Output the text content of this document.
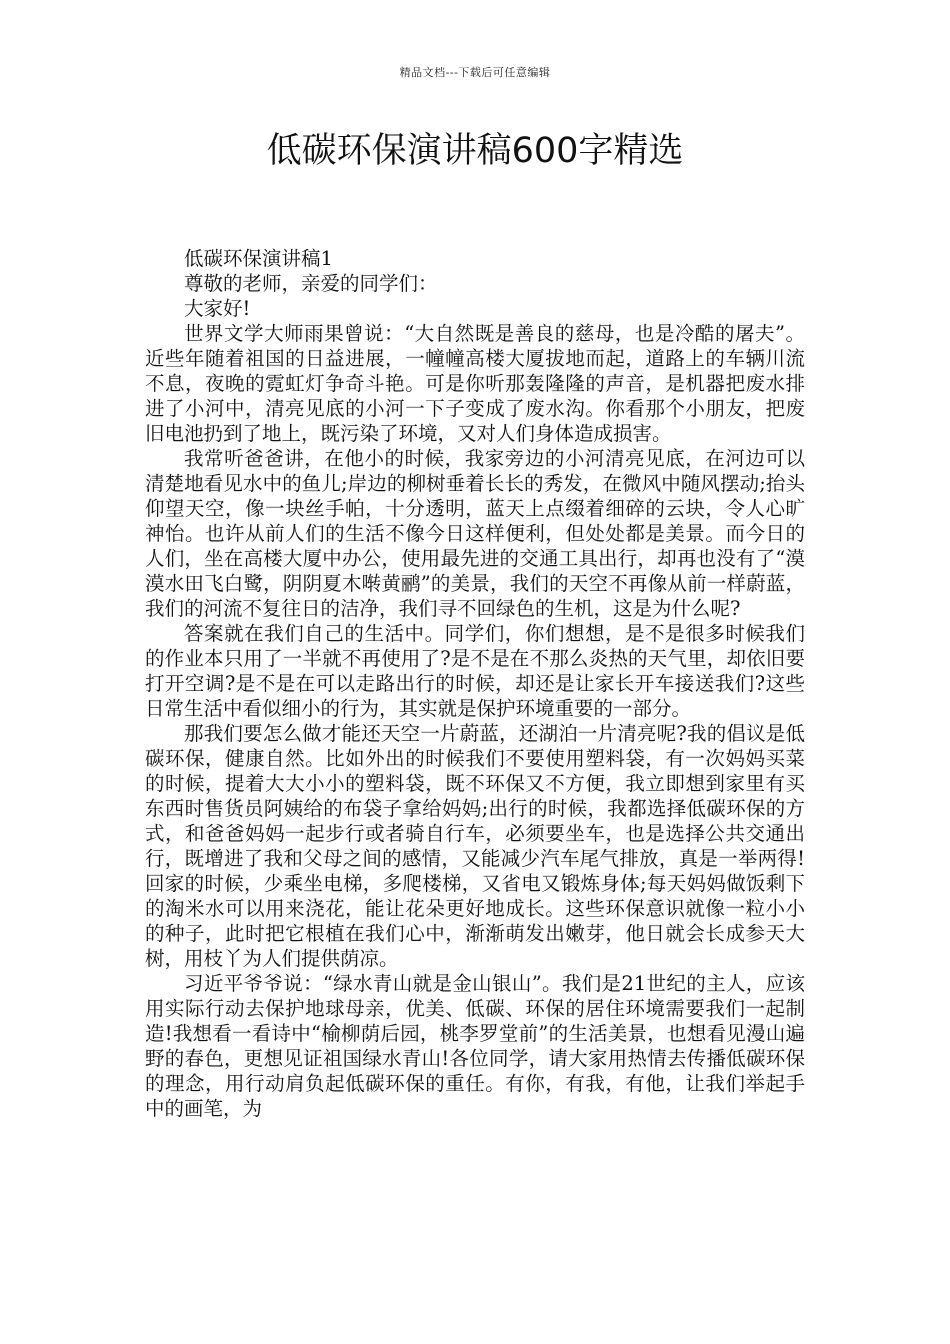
精品文档---下载后可任意编辑
低碳环保演讲稿600字精选

低碳环保演讲稿1

尊敬的老师，亲爱的同学们：

大家好!

世界文学大师雨果曾说：“大自然既是善良的慈母，也是冷酷的屠夫”。近些年随着祖国的日益进展，一幢幢高楼大厦拔地而起，道路上的车辆川流不息，夜晚的霓虹灯争奇斗艳。可是你听那轰隆隆的声音，是机器把废水排进了小河中，清亮见底的小河一下子变成了废水沟。你看那个小朋友，把废旧电池扔到了地上，既污染了环境，又对人们身体造成损害。

我常听爸爸讲，在他小的时候，我家旁边的小河清亮见底，在河边可以清楚地看见水中的鱼儿;岸边的柳树垂着长长的秀发，在微风中随风摆动;抬头仰望天空，像一块丝手帕，十分透明，蓝天上点缀着细碎的云块，令人心旷神怡。也许从前人们的生活不像今日这样便利，但处处都是美景。而今日的人们，坐在高楼大厦中办公，使用最先进的交通工具出行，却再也没有了“漠漠水田飞白鹭，阴阴夏木啭黄鹂”的美景，我们的天空不再像从前一样蔚蓝，我们的河流不复往日的洁净，我们寻不回绿色的生机，这是为什么呢?

答案就在我们自己的生活中。同学们，你们想想，是不是很多时候我们的作业本只用了一半就不再使用了?是不是在不那么炎热的天气里，却依旧要打开空调?是不是在可以走路出行的时候，却还是让家长开车接送我们?这些日常生活中看似细小的行为，其实就是保护环境重要的一部分。

那我们要怎么做才能还天空一片蔚蓝，还湖泊一片清亮呢?我的倡议是低碳环保，健康自然。比如外出的时候我们不要使用塑料袋，有一次妈妈买菜的时候，提着大大小小的塑料袋，既不环保又不方便，我立即想到家里有买东西时售货员阿姨给的布袋子拿给妈妈;出行的时候，我都选择低碳环保的方式，和爸爸妈妈一起步行或者骑自行车，必须要坐车，也是选择公共交通出行，既增进了我和父母之间的感情，又能减少汽车尾气排放，真是一举两得!回家的时候，少乘坐电梯，多爬楼梯，又省电又锻炼身体;每天妈妈做饭剩下的淘米水可以用来浇花，能让花朵更好地成长。这些环保意识就像一粒小小的种子，此时把它根植在我们心中，渐渐萌发出嫩芽，他日就会长成参天大树，用枝丫为人们提供荫凉。

习近平爷爷说：“绿水青山就是金山银山”。我们是21世纪的主人，应该用实际行动去保护地球母亲，优美、低碳、环保的居住环境需要我们一起制造!我想看一看诗中“榆柳荫后园，桃李罗堂前”的生活美景，也想看见漫山遍野的春色，更想见证祖国绿水青山!各位同学，请大家用热情去传播低碳环保的理念，用行动肩负起低碳环保的重任。有你，有我，有他，让我们举起手中的画笔，为
